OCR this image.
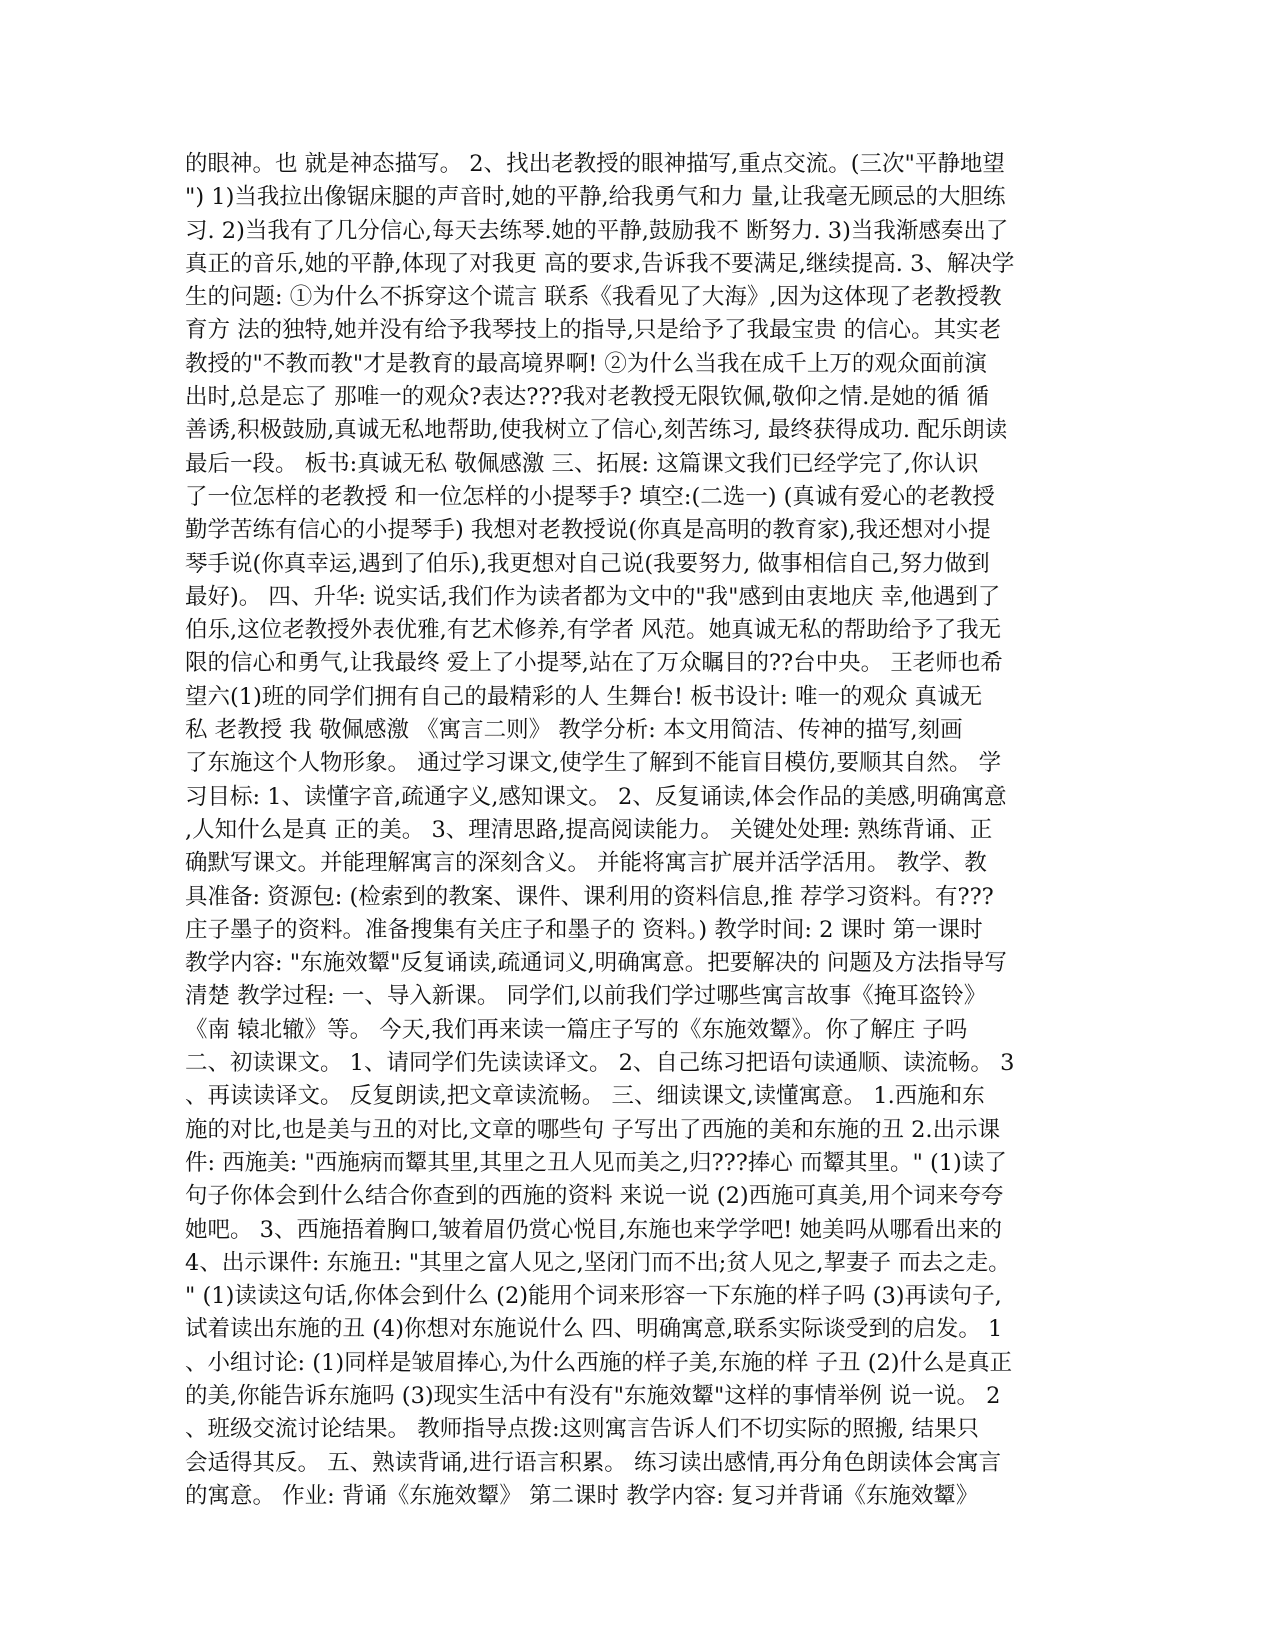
的眼神。也 就是神态描写。 2、找出老教授的眼神描写,重点交流。(三次"平静地望
") 1)当我拉出像锯床腿的声音时,她的平静,给我勇气和力 量,让我毫无顾忌的大胆练
习. 2)当我有了几分信心,每天去练琴.她的平静,鼓励我不 断努力. 3)当我渐感奏出了
真正的音乐,她的平静,体现了对我更 高的要求,告诉我不要满足,继续提高. 3、解决学
生的问题: ①为什么不拆穿这个谎言 联系《我看见了大海》,因为这体现了老教授教
育方 法的独特,她并没有给予我琴技上的指导,只是给予了我最宝贵 的信心。其实老
教授的"不教而教"才是教育的最高境界啊! ②为什么当我在成千上万的观众面前演
出时,总是忘了 那唯一的观众?表达???我对老教授无限钦佩,敬仰之情.是她的循 循
善诱,积极鼓励,真诚无私地帮助,使我树立了信心,刻苦练习, 最终获得成功. 配乐朗读
最后一段。 板书:真诚无私 敬佩感激 三、拓展: 这篇课文我们已经学完了,你认识
了一位怎样的老教授 和一位怎样的小提琴手? 填空:(二选一) (真诚有爱心的老教授
勤学苦练有信心的小提琴手) 我想对老教授说(你真是高明的教育家),我还想对小提
琴手说(你真幸运,遇到了伯乐),我更想对自己说(我要努力, 做事相信自己,努力做到
最好)。 四、升华: 说实话,我们作为读者都为文中的"我"感到由衷地庆 幸,他遇到了
伯乐,这位老教授外表优雅,有艺术修养,有学者 风范。她真诚无私的帮助给予了我无
限的信心和勇气,让我最终 爱上了小提琴,站在了万众瞩目的??台中央。 王老师也希
望六(1)班的同学们拥有自己的最精彩的人 生舞台! 板书设计: 唯一的观众 真诚无
私 老教授 我 敬佩感激 《寓言二则》 教学分析: 本文用简洁、传神的描写,刻画
了东施这个人物形象。 通过学习课文,使学生了解到不能盲目模仿,要顺其自然。 学
习目标: 1、读懂字音,疏通字义,感知课文。 2、反复诵读,体会作品的美感,明确寓意
,人知什么是真 正的美。 3、理清思路,提高阅读能力。 关键处处理: 熟练背诵、正
确默写课文。并能理解寓言的深刻含义。 并能将寓言扩展并活学活用。 教学、教
具准备: 资源包: (检索到的教案、课件、课利用的资料信息,推 荐学习资料。有???
庄子墨子的资料。准备搜集有关庄子和墨子的 资料。) 教学时间: 2 课时 第一课时
教学内容: "东施效颦"反复诵读,疏通词义,明确寓意。把要解决的 问题及方法指导写
清楚 教学过程: 一、导入新课。 同学们,以前我们学过哪些寓言故事《掩耳盗铃》
《南 辕北辙》等。 今天,我们再来读一篇庄子写的《东施效颦》。你了解庄 子吗
二、初读课文。 1、请同学们先读读译文。 2、自己练习把语句读通顺、读流畅。 3
、再读读译文。 反复朗读,把文章读流畅。 三、细读课文,读懂寓意。 1.西施和东
施的对比,也是美与丑的对比,文章的哪些句 子写出了西施的美和东施的丑 2.出示课
件: 西施美: "西施病而颦其里,其里之丑人见而美之,归???捧心 而颦其里。" (1)读了
句子你体会到什么结合你查到的西施的资料 来说一说 (2)西施可真美,用个词来夸夸
她吧。 3、西施捂着胸口,皱着眉仍赏心悦目,东施也来学学吧! 她美吗从哪看出来的
4、出示课件: 东施丑: "其里之富人见之,坚闭门而不出;贫人见之,挈妻子 而去之走。
" (1)读读这句话,你体会到什么 (2)能用个词来形容一下东施的样子吗 (3)再读句子,
试着读出东施的丑 (4)你想对东施说什么 四、明确寓意,联系实际谈受到的启发。 1
、小组讨论: (1)同样是皱眉捧心,为什么西施的样子美,东施的样 子丑 (2)什么是真正
的美,你能告诉东施吗 (3)现实生活中有没有"东施效颦"这样的事情举例 说一说。 2
、班级交流讨论结果。 教师指导点拨:这则寓言告诉人们不切实际的照搬, 结果只
会适得其反。 五、熟读背诵,进行语言积累。 练习读出感情,再分角色朗读体会寓言
的寓意。 作业: 背诵《东施效颦》 第二课时 教学内容: 复习并背诵《东施效颦》
